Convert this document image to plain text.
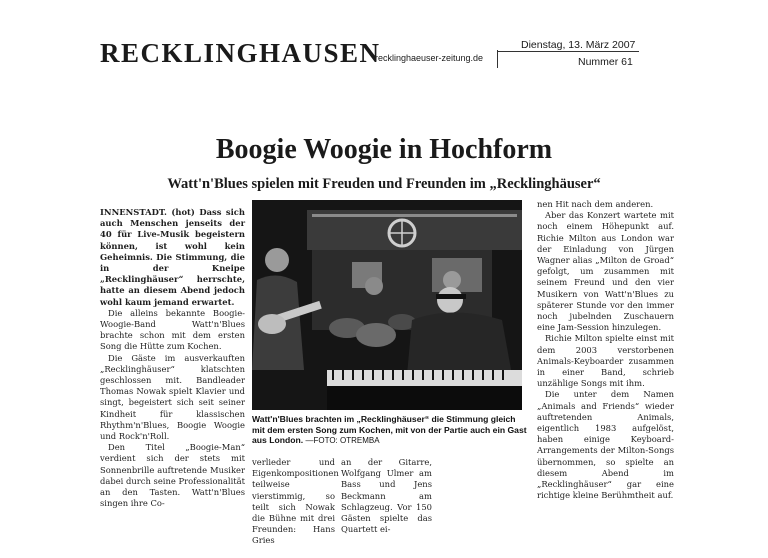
RECKLINGHAUSEN
recklinghaeuser-zeitung.de
Dienstag, 13. März 2007
Nummer 61
Boogie Woogie in Hochform
Watt'n'Blues spielen mit Freuden und Freunden im „Recklinghäuser“

INNENSTADT. (hot) Dass sich auch Menschen jenseits der 40 für Live-Musik begeistern können, ist wohl kein Geheimnis. Die Stimmung, die in der Kneipe „Recklinghäuser“ herrschte, hatte an diesem Abend jedoch wohl kaum jemand erwartet.

Die alleins bekannte Boogie-Woogie-Band Watt'n'Blues brachte schon mit dem ersten Song die Hütte zum Kochen.

Die Gäste im ausverkauften „Recklinghäuser“ klatschten geschlossen mit. Bandleader Thomas Nowak spielt Klavier und singt, begeistert sich seit seiner Kindheit für klassischen Rhythm'n'Blues, Boogie Woogie und Rock'n'Roll.

Den Titel „Boogie-Man“ verdient sich der stets mit Sonnenbrille auftretende Musiker dabei durch seine Professionalität an den Tasten. Watt'n'Blues singen ihre Co-

Watt'n'Blues brachten im „Recklinghäuser“ die Stimmung gleich mit dem ersten Song zum Kochen, mit von der Partie auch ein Gast aus London. —FOTO: OTREMBA

verlieder und Eigenkompositionen teilweise vierstimmig, so teilt sich Nowak die Bühne mit drei Freunden: Hans Gries

an der Gitarre, Wolfgang Ulmer am Bass und Jens Beckmann am Schlagzeug. Vor 150 Gästen spielte das Quartett ei-

nen Hit nach dem anderen.

Aber das Konzert wartete mit noch einem Höhepunkt auf. Richie Milton aus London war der Einladung von Jürgen Wagner alias „Milton de Groad“ gefolgt, um zusammen mit seinem Freund und den vier Musikern von Watt'n'Blues zu späterer Stunde vor den immer noch jubelnden Zuschauern eine Jam-Session hinzulegen.

Richie Milton spielte einst mit dem 2003 verstorbenen Animals-Keyboarder zusammen in einer Band, schrieb unzählige Songs mit ihm.

Die unter dem Namen „Animals and Friends“ wieder auftretenden Animals, eigentlich 1983 aufgelöst, haben einige Keyboard-Arrangements der Milton-Songs übernommen, so spielte an diesem Abend im „Recklinghäuser“ gar eine richtige kleine Berühmtheit auf.
